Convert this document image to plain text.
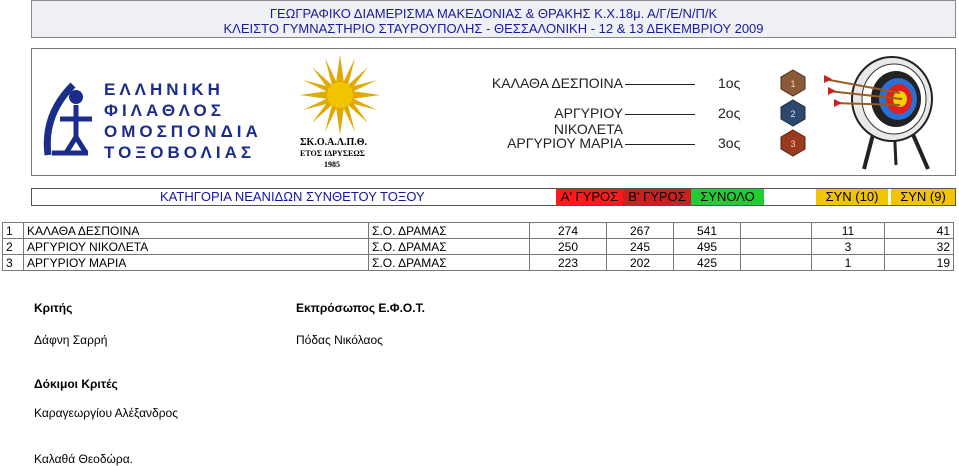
ΓΕΩΓΡΑΦΙΚΟ ΔΙΑΜΕΡΙΣΜΑ ΜΑΚΕΔΟΝΙΑΣ & ΘΡΑΚΗΣ Κ.Χ.18μ. Α/Γ/Ε/Ν/Π/Κ
ΚΛΕΙΣΤΟ ΓΥΜΝΑΣΤΗΡΙΟ ΣΤΑΥΡΟΥΠΟΛΗΣ - ΘΕΣΣΑΛΟΝΙΚΗ - 12 & 13 ΔΕΚΕΜΒΡΙΟΥ 2009
ΕΛΛΗΝΙΚΗ
ΦΙΛΑΘΛΟΣ
ΟΜΟΣΠΟΝΔΙΑ
ΤΟΞΟΒΟΛΙΑΣ
ΣΚ.Ο.Α.Λ.Π.Θ.
ΕΤΟΣ ΙΔΡΥΣΕΩΣ
1985
ΚΑΛΑΘΑ ΔΕΣΠΟΙΝΑ	1ος
ΑΡΓΥΡΙΟΥ ΝΙΚΟΛΕΤΑ
2ος
ΑΡΓΥΡΙΟΥ ΜΑΡΙΑ	3ος
1
2
3
ΚΑΤΗΓΟΡΙΑ ΝΕΑΝΙΔΩΝ ΣΥΝΘΕΤΟΥ ΤΟΞΟΥ	Α' ΓΥΡΟΣ Β' ΓΥΡΟΣ	ΣΥΝΟΛΟ	ΣΥΝ (10)	ΣΥΝ (9)
1	ΚΑΛΑΘΑ ΔΕΣΠΟΙΝΑ	Σ.Ο. ΔΡΑΜΑΣ	274	267	541		11	41
2	ΑΡΓΥΡΙΟΥ ΝΙΚΟΛΕΤΑ	Σ.Ο. ΔΡΑΜΑΣ	250	245	495		3	32
3	ΑΡΓΥΡΙΟΥ ΜΑΡΙΑ	Σ.Ο. ΔΡΑΜΑΣ	223	202	425		1	19
Κριτής
Δάφνη Σαρρή
Εκπρόσωπος Ε.Φ.Ο.Τ.
Πόδας Νικόλαος
Δόκιμοι Κριτές
Καραγεωργίου Αλέξανδρος
Καλαθά Θεοδώρα.
